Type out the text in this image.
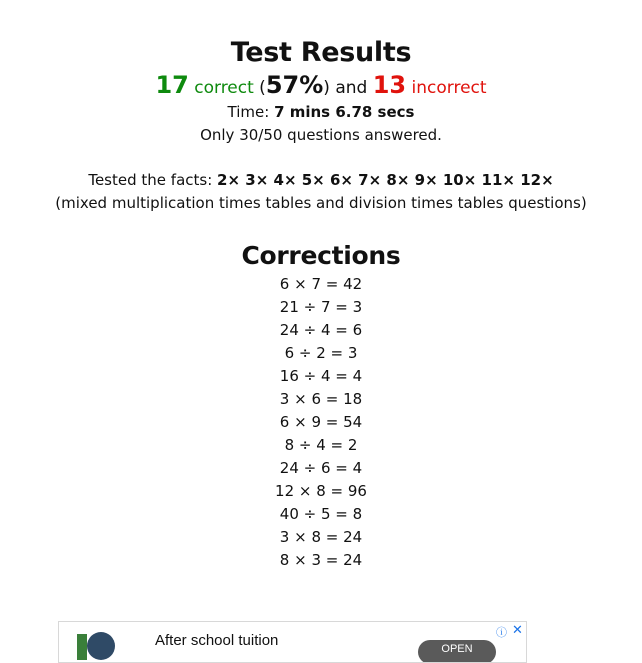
Test Results
17 correct (57%) and 13 incorrect
Time: 7 mins 6.78 secs
Only 30/50 questions answered.
Tested the facts: 2× 3× 4× 5× 6× 7× 8× 9× 10× 11× 12×
(mixed multiplication times tables and division times tables questions)
Corrections
6 × 7 = 42
21 ÷ 7 = 3
24 ÷ 4 = 6
6 ÷ 2 = 3
16 ÷ 4 = 4
3 × 6 = 18
6 × 9 = 54
8 ÷ 4 = 2
24 ÷ 6 = 4
12 × 8 = 96
40 ÷ 5 = 8
3 × 8 = 24
8 × 3 = 24
After school tuition	OPEN
ⓘ ✕
